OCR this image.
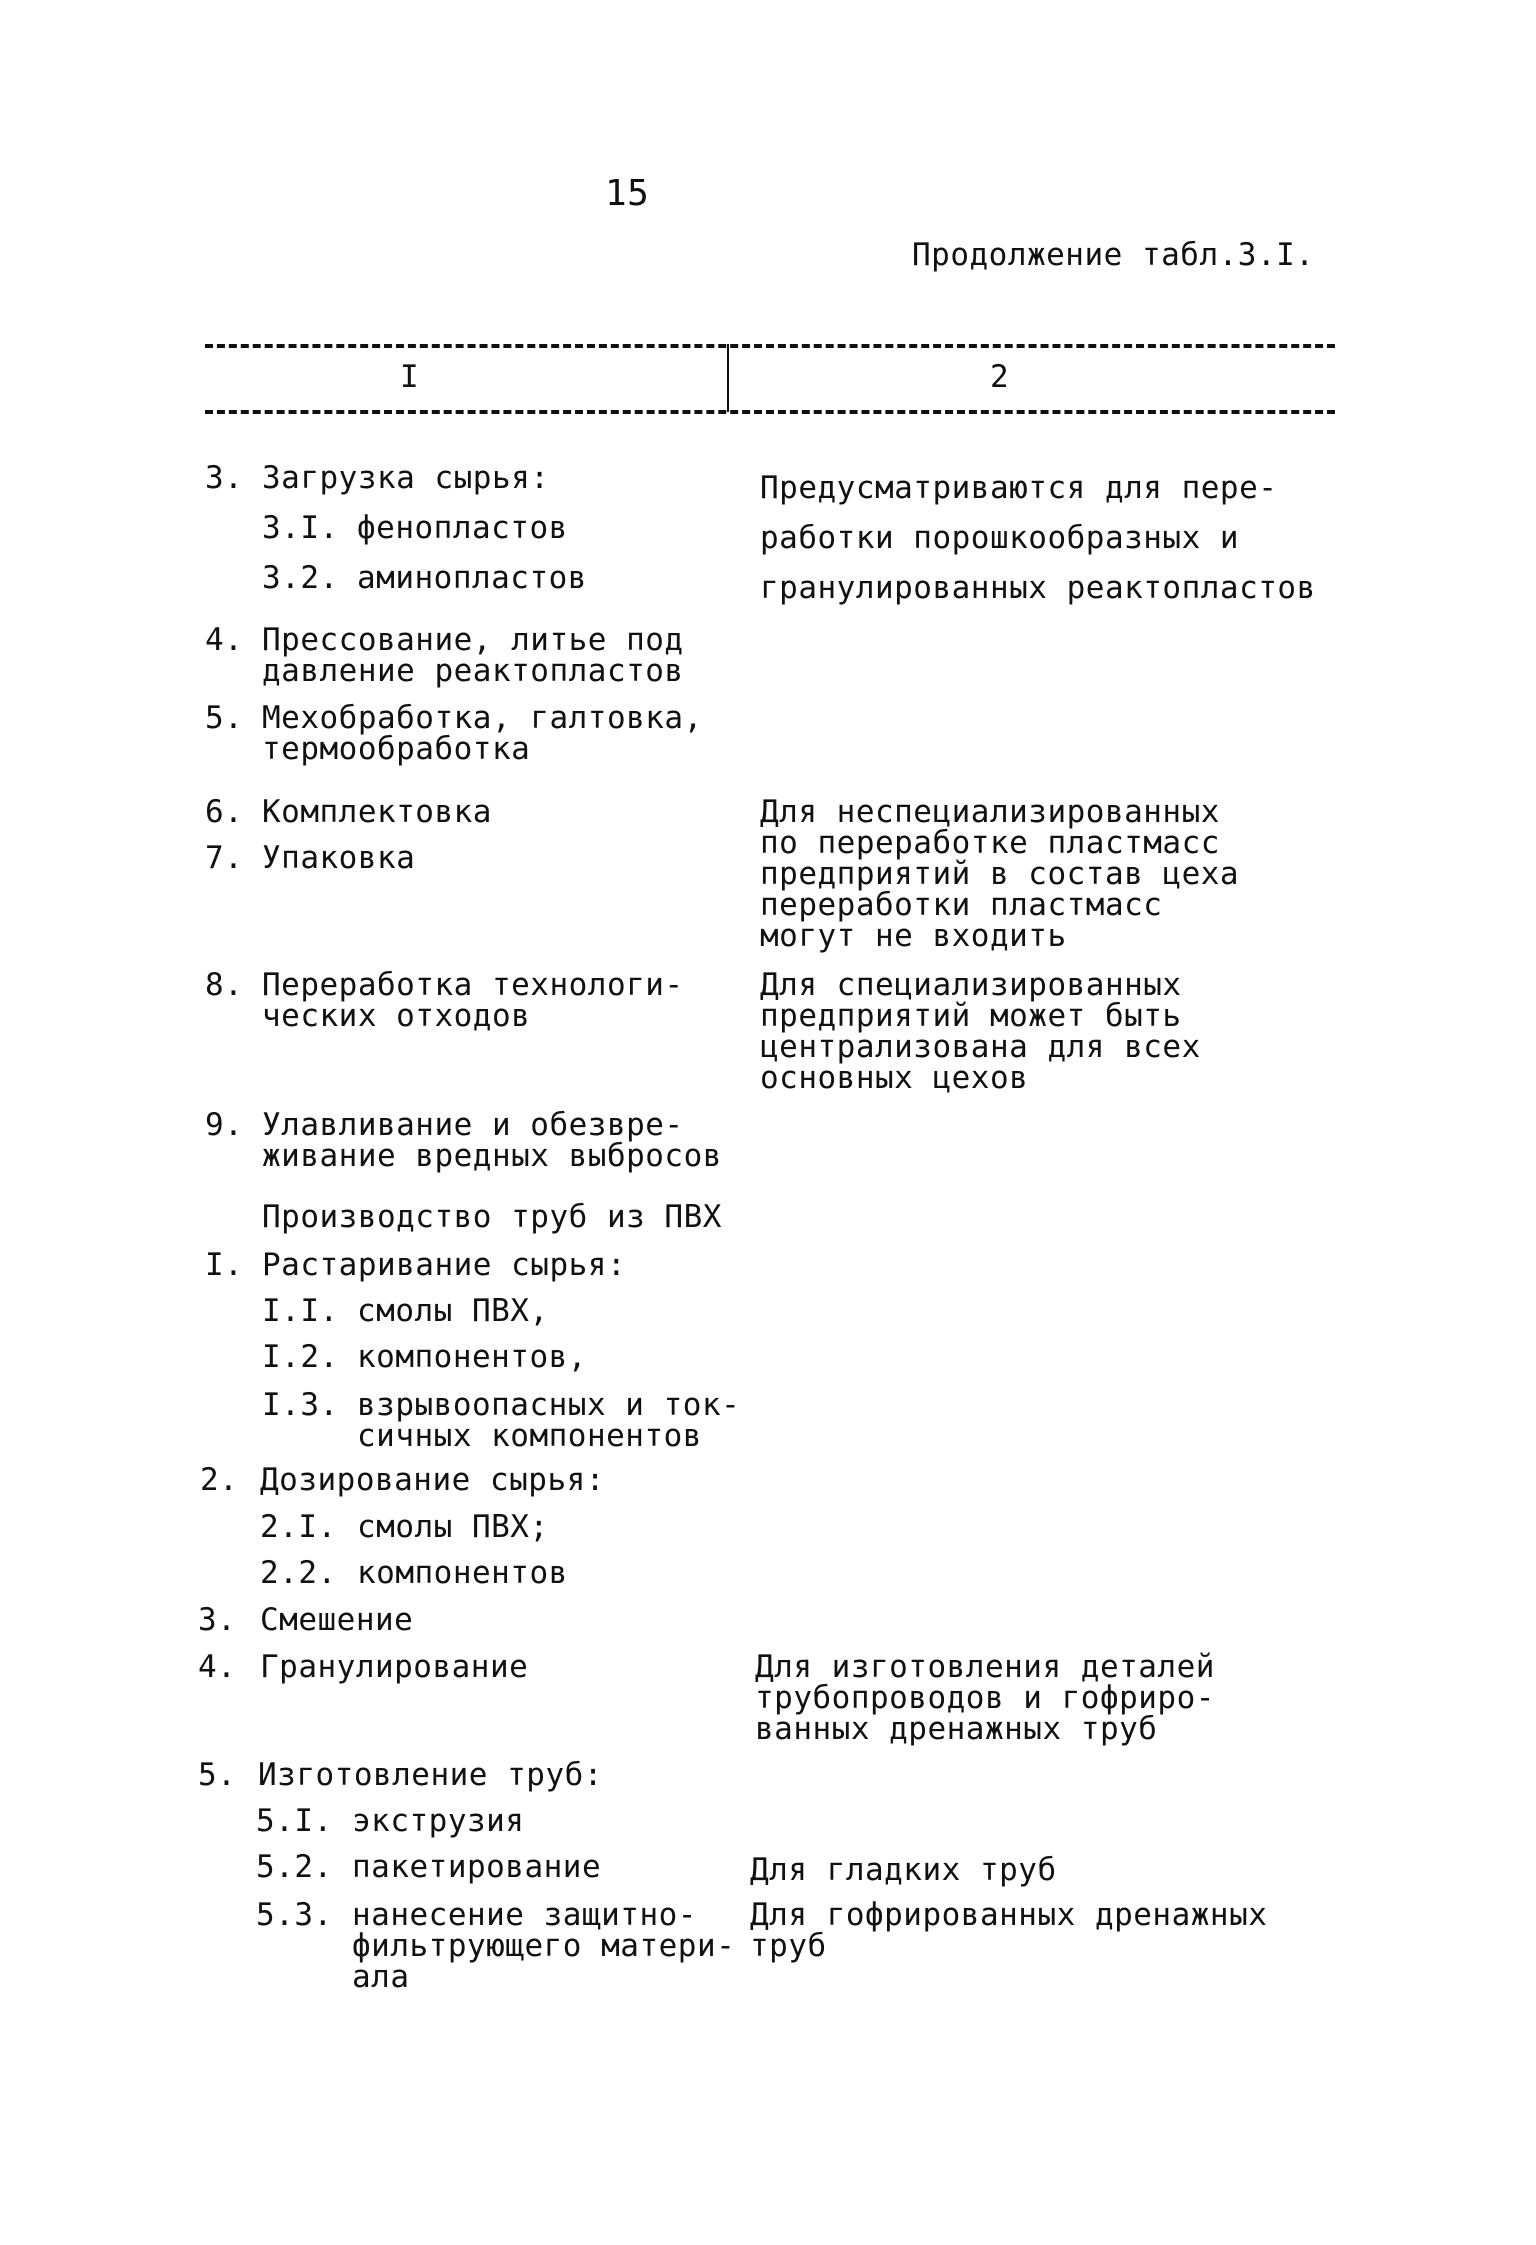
15
Продолжение табл.3.I.
I	2
3. Загрузка сырья:
3.I. фенопластов
3.2. аминопластов
4. Прессование, литье под
давление реактопластов
5. Мехобработка, галтовка,
термообработка
6. Комплектовка
7. Упаковка
8. Переработка технологи-
ческих отходов
9. Улавливание и обезвре-
живание вредных выбросов
Производство труб из ПВХ
I. Растаривание сырья:
I.I. смолы ПВХ,
I.2. компонентов,
I.3. взрывоопасных и ток-
сичных компонентов
2. Дозирование сырья:
2.I. смолы ПВХ;
2.2. компонентов
3. Смешение
4. Гранулирование
5. Изготовление труб:
5.I. экструзия
5.2. пакетирование
5.3. нанесение защитно-
фильтрующего матери-
ала
Предусматриваются для пере-
работки порошкообразных и
гранулированных реактопластов
Для неспециализированных
по переработке пластмасс
предприятий в состав цеха
переработки пластмасс
могут не входить
Для специализированных
предприятий может быть
централизована для всех
основных цехов
Для изготовления деталей
трубопроводов и гофриро-
ванных дренажных труб
Для гладких труб
Для гофрированных дренажных
труб
